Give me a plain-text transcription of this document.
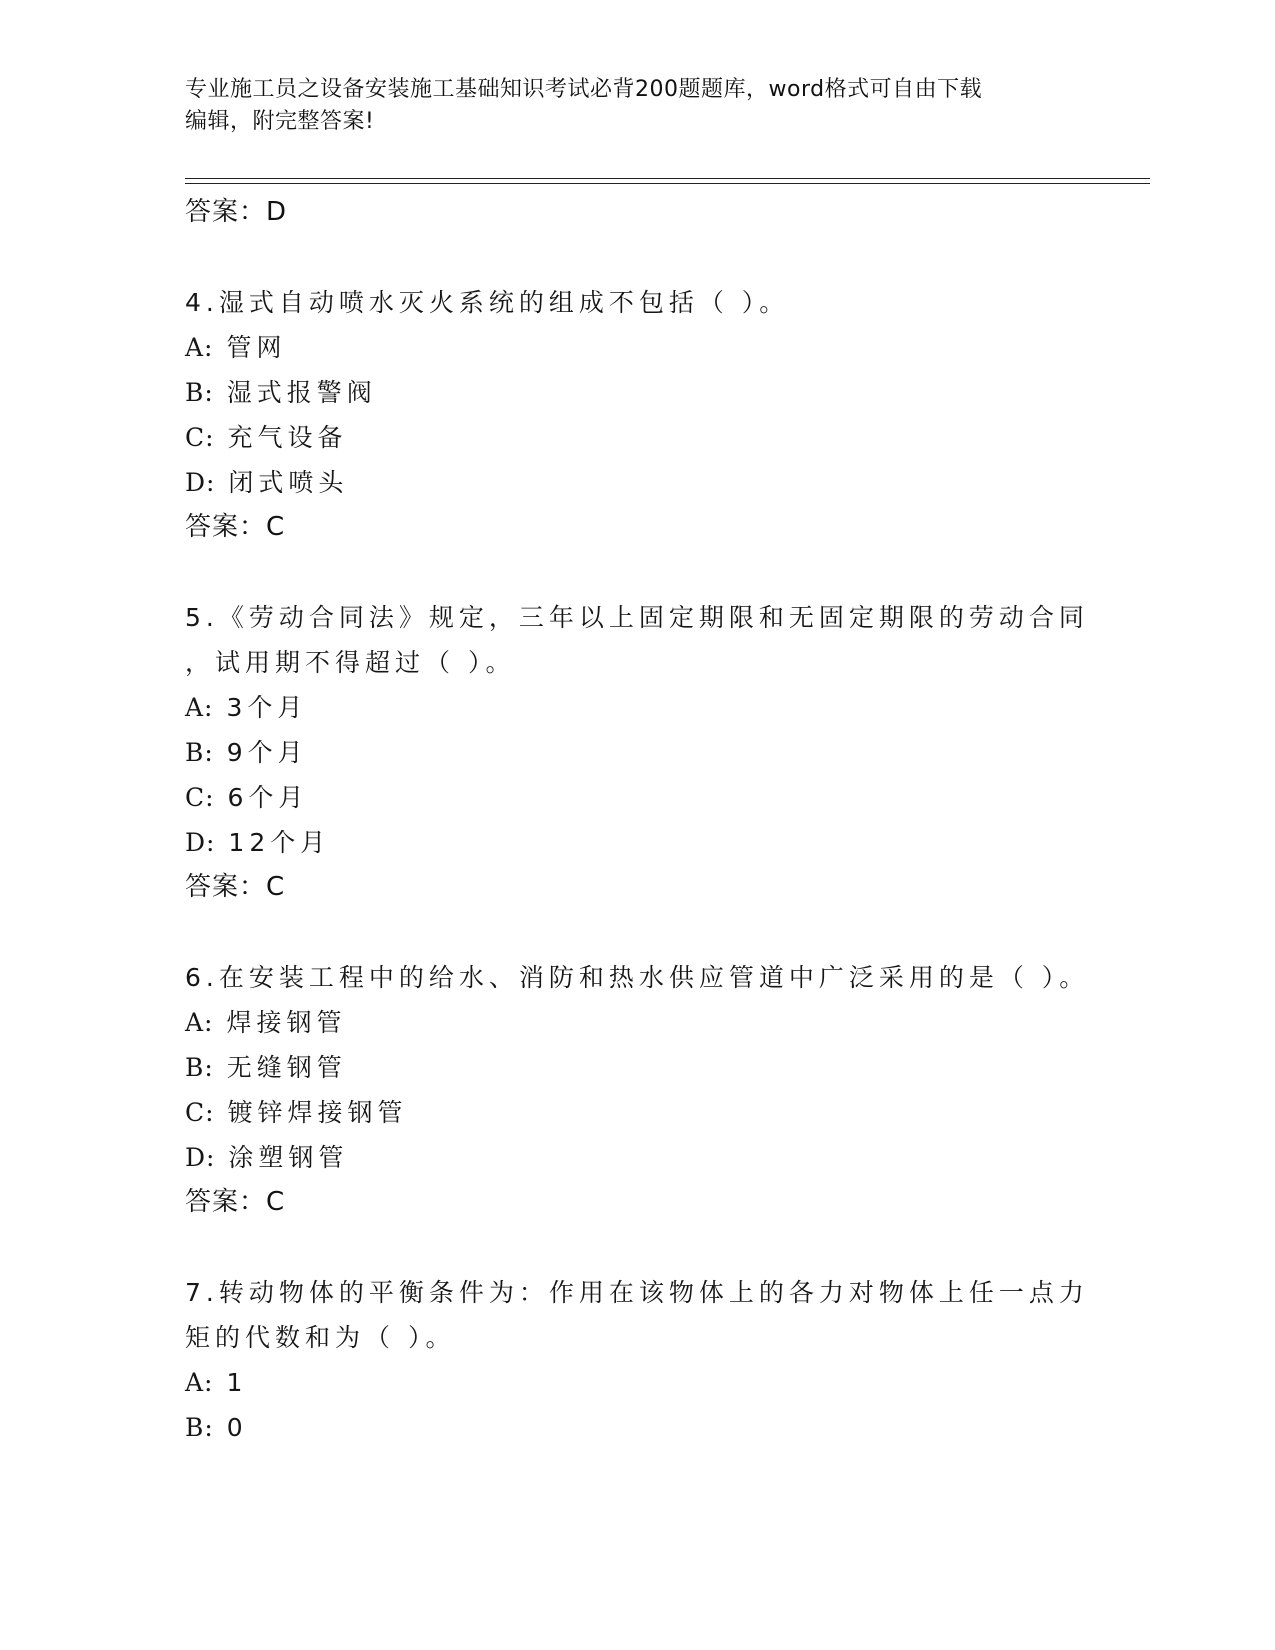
专业施工员之设备安装施工基础知识考试必背200题题库，word格式可自由下载
编辑，附完整答案!
答案：D
4.湿式自动喷水灭火系统的组成不包括（ ）。
A: 管网
B: 湿式报警阀
C: 充气设备
D: 闭式喷头
答案：C
5.《劳动合同法》规定，三年以上固定期限和无固定期限的劳动合同
，试用期不得超过（ ）。
A: 3个月
B: 9个月
C: 6个月
D: 12个月
答案：C
6.在安装工程中的给水、消防和热水供应管道中广泛采用的是（ ）。
A: 焊接钢管
B: 无缝钢管
C: 镀锌焊接钢管
D: 涂塑钢管
答案：C
7.转动物体的平衡条件为：作用在该物体上的各力对物体上任一点力
矩的代数和为（ ）。
A: 1
B: 0
